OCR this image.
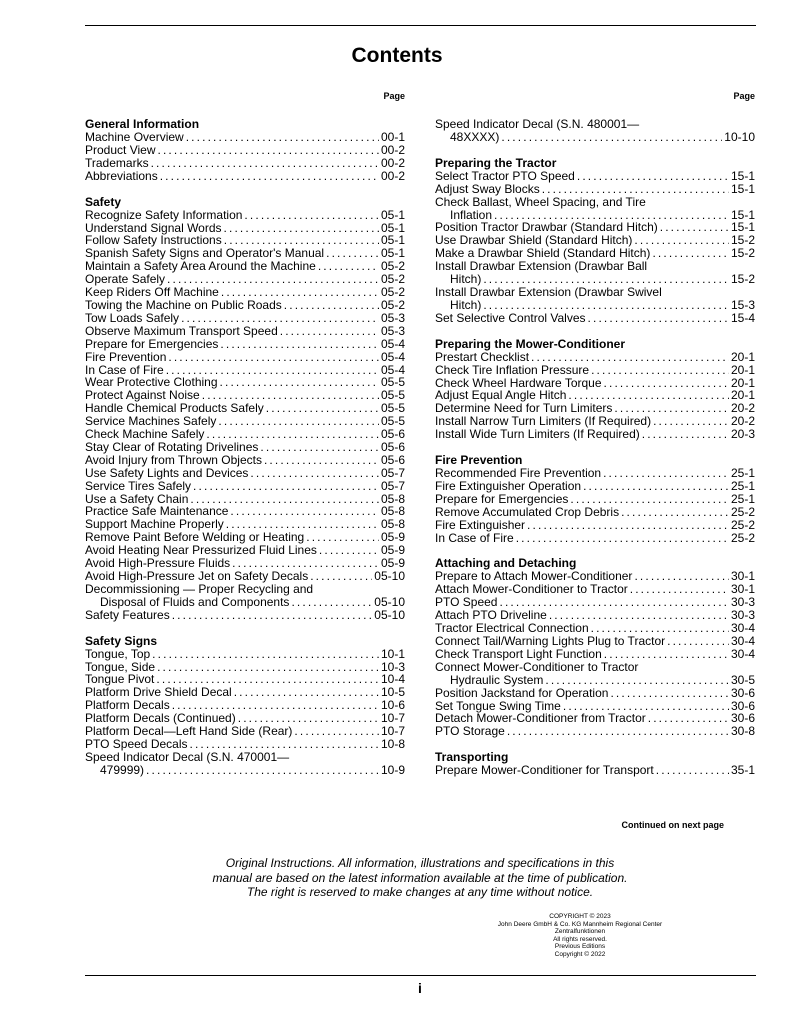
Contents
Page
General Information
Machine Overview . . .	00-1
Product View . . .	00-2
Trademarks . . .	00-2
Abbreviations . . .	00-2
Safety
Recognize Safety Information . . .	05-1
Understand Signal Words . . .	05-1
Follow Safety Instructions . . .	05-1
Spanish Safety Signs and Operator's Manual . . .	05-1
Maintain a Safety Area Around the Machine . . .	05-2
Operate Safely . . .	05-2
Keep Riders Off Machine . . .	05-2
Towing the Machine on Public Roads . . .	05-2
Tow Loads Safely . . .	05-3
Observe Maximum Transport Speed . . .	05-3
Prepare for Emergencies . . .	05-4
Fire Prevention . . .	05-4
In Case of Fire . . .	05-4
Wear Protective Clothing . . .	05-5
Protect Against Noise . . .	05-5
Handle Chemical Products Safely . . .	05-5
Service Machines Safely . . .	05-5
Check Machine Safely . . .	05-6
Stay Clear of Rotating Drivelines . . .	05-6
Avoid Injury from Thrown Objects . . .	05-6
Use Safety Lights and Devices . . .	05-7
Service Tires Safely . . .	05-7
Use a Safety Chain . . .	05-8
Practice Safe Maintenance . . .	05-8
Support Machine Properly . . .	05-8
Remove Paint Before Welding or Heating . . .	05-9
Avoid Heating Near Pressurized Fluid Lines . . .	05-9
Avoid High-Pressure Fluids . . .	05-9
Avoid High-Pressure Jet on Safety Decals . . .	05-10
Decommissioning — Proper Recycling and
Disposal of Fluids and Components . . .	05-10
Safety Features . . .	05-10
Safety Signs
Tongue, Top . . .	10-1
Tongue, Side . . .	10-3
Tongue Pivot . . .	10-4
Platform Drive Shield Decal . . .	10-5
Platform Decals . . .	10-6
Platform Decals (Continued) . . .	10-7
Platform Decal—Left Hand Side (Rear) . . .	10-7
PTO Speed Decals . . .	10-8
Speed Indicator Decal (S.N. 470001—
479999) . . .	10-9
Page
Speed Indicator Decal (S.N. 480001—
48XXXX) . . .	10-10
Preparing the Tractor
Select Tractor PTO Speed . . .	15-1
Adjust Sway Blocks . . .	15-1
Check Ballast, Wheel Spacing, and Tire
Inflation . . .	15-1
Position Tractor Drawbar (Standard Hitch) . . .	15-1
Use Drawbar Shield (Standard Hitch) . . .	15-2
Make a Drawbar Shield (Standard Hitch) . . .	15-2
Install Drawbar Extension (Drawbar Ball
Hitch) . . .	15-2
Install Drawbar Extension (Drawbar Swivel
Hitch) . . .	15-3
Set Selective Control Valves . . .	15-4
Preparing the Mower-Conditioner
Prestart Checklist . . .	20-1
Check Tire Inflation Pressure . . .	20-1
Check Wheel Hardware Torque . . .	20-1
Adjust Equal Angle Hitch . . .	20-1
Determine Need for Turn Limiters . . .	20-2
Install Narrow Turn Limiters (If Required) . . .	20-2
Install Wide Turn Limiters (If Required) . . .	20-3
Fire Prevention
Recommended Fire Prevention . . .	25-1
Fire Extinguisher Operation . . .	25-1
Prepare for Emergencies . . .	25-1
Remove Accumulated Crop Debris . . .	25-2
Fire Extinguisher . . .	25-2
In Case of Fire . . .	25-2
Attaching and Detaching
Prepare to Attach Mower-Conditioner . . .	30-1
Attach Mower-Conditioner to Tractor . . .	30-1
PTO Speed . . .	30-3
Attach PTO Driveline . . .	30-3
Tractor Electrical Connection . . .	30-4
Connect Tail/Warning Lights Plug to Tractor . . .	30-4
Check Transport Light Function . . .	30-4
Connect Mower-Conditioner to Tractor
Hydraulic System . . .	30-5
Position Jackstand for Operation . . .	30-6
Set Tongue Swing Time . . .	30-6
Detach Mower-Conditioner from Tractor . . .	30-6
PTO Storage . . .	30-8
Transporting
Prepare Mower-Conditioner for Transport . . .	35-1
Continued on next page
Original Instructions. All information, illustrations and specifications in this
manual are based on the latest information available at the time of publication.
The right is reserved to make changes at any time without notice.
COPYRIGHT © 2023
John Deere GmbH & Co. KG Mannheim Regional Center
Zentralfunktionen
All rights reserved.
Previous Editions
Copyright © 2022
i
